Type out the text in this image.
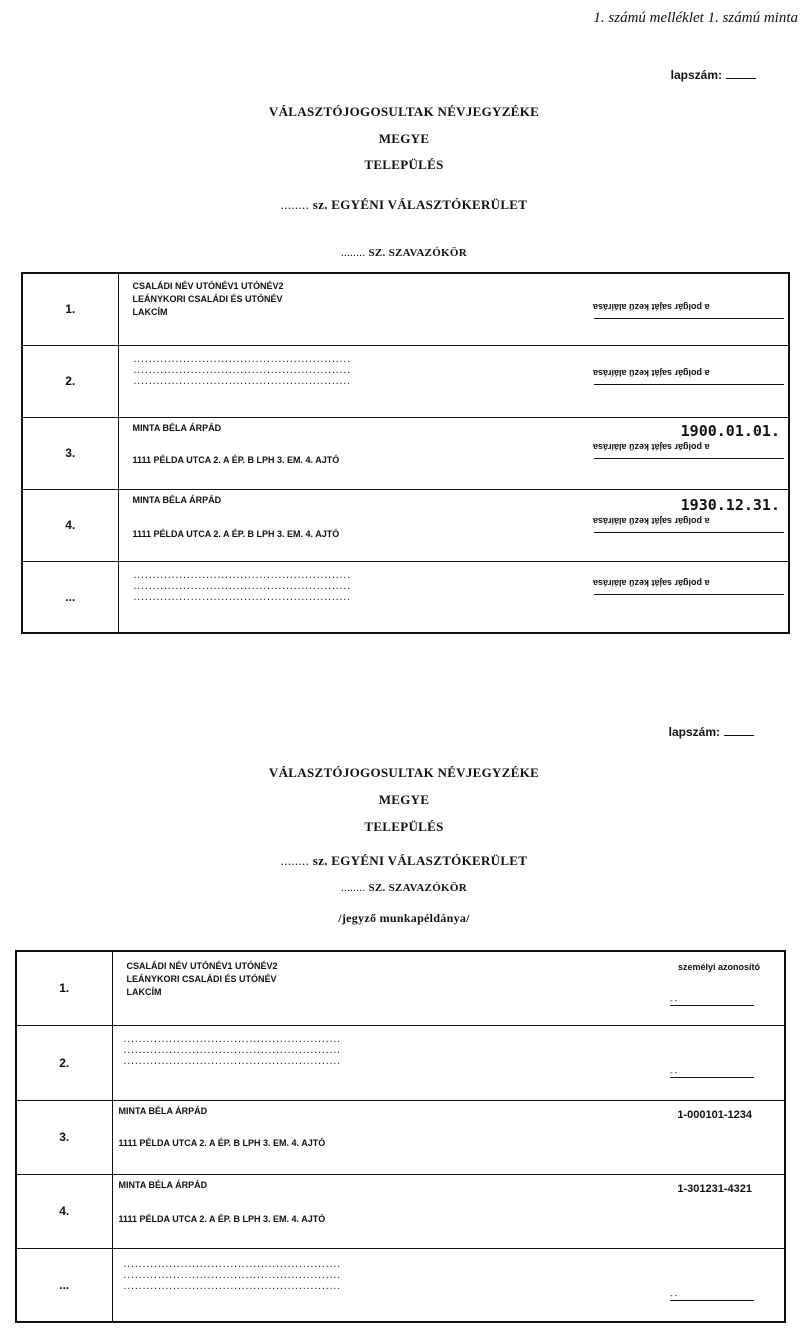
1. számú melléklet 1. számú minta
lapszám:
VÁLASZTÓJOGOSULTAK NÉVJEGYZÉKE
MEGYE
TELEPÜLÉS
........ sz. EGYÉNI VÁLASZTÓKERÜLET
........ SZ. SZAVAZÓKÖR
1.	CSALÁDI NÉV UTÓNÉV1 UTÓNÉV2
LEÁNYKORI CSALÁDI ÉS UTÓNÉV
LAKCÍM a polgár saját kezű aláírása

2.	.........................................................
.........................................................
.........................................................
a polgár saját kezű aláírása

3.	MINTA BÉLA ÁRPÁD
1111 PÉLDA UTCA 2. A ÉP. B LPH 3. EM. 4. AJTÓ
1900.01.01.
a polgár saját kezű aláírása

4.	MINTA BÉLA ÁRPÁD
1111 PÉLDA UTCA 2. A ÉP. B LPH 3. EM. 4. AJTÓ
1930.12.31.
a polgár saját kezű aláírása

...	.........................................................
.........................................................
.........................................................
a polgár saját kezű aláírása
lapszám:
VÁLASZTÓJOGOSULTAK NÉVJEGYZÉKE
MEGYE
TELEPÜLÉS
........ sz. EGYÉNI VÁLASZTÓKERÜLET
........ SZ. SZAVAZÓKÖR
/jegyző munkapéldánya/
1.	CSALÁDI NÉV UTÓNÉV1 UTÓNÉV2
LEÁNYKORI CSALÁDI ÉS UTÓNÉV
LAKCÍM
személyi azonosító
- -

2.	.........................................................
.........................................................
.........................................................
- -

3.	MINTA BÉLA ÁRPÁD
1111 PÉLDA UTCA 2. A ÉP. B LPH 3. EM. 4. AJTÓ
1-000101-1234

4.	MINTA BÉLA ÁRPÁD
1111 PÉLDA UTCA 2. A ÉP. B LPH 3. EM. 4. AJTÓ
1-301231-4321

...	.........................................................
.........................................................
.........................................................
- -
